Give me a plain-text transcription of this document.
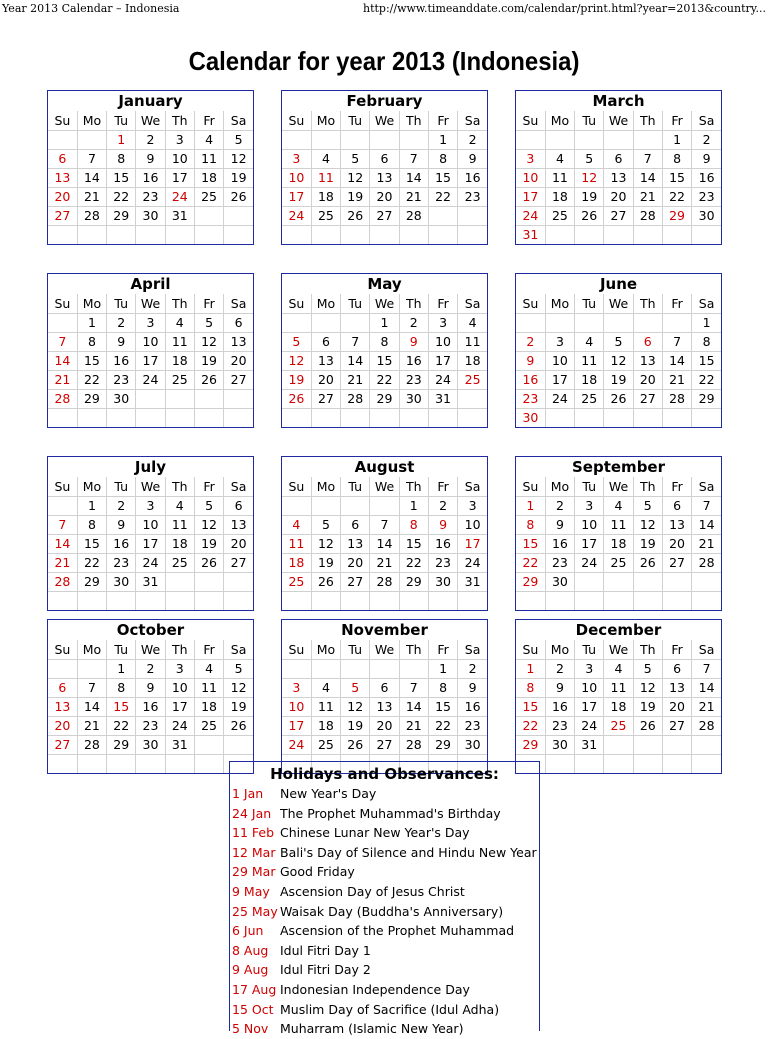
Year 2013 Calendar – Indonesia	http://www.timeanddate.com/calendar/print.html?year=2013&country...
Calendar for year 2013 (Indonesia)
January
Su	Mo	Tu	We	Th	Fr	Sa
		1	2	3	4	5
6	7	8	9	10	11	12
13	14	15	16	17	18	19
20	21	22	23	24	25	26
27	28	29	30	31		

February
Su	Mo	Tu	We	Th	Fr	Sa
					1	2
3	4	5	6	7	8	9
10	11	12	13	14	15	16
17	18	19	20	21	22	23
24	25	26	27	28		

March
Su	Mo	Tu	We	Th	Fr	Sa
					1	2
3	4	5	6	7	8	9
10	11	12	13	14	15	16
17	18	19	20	21	22	23
24	25	26	27	28	29	30
31						
April
Su	Mo	Tu	We	Th	Fr	Sa
	1	2	3	4	5	6
7	8	9	10	11	12	13
14	15	16	17	18	19	20
21	22	23	24	25	26	27
28	29	30				

May
Su	Mo	Tu	We	Th	Fr	Sa
			1	2	3	4
5	6	7	8	9	10	11
12	13	14	15	16	17	18
19	20	21	22	23	24	25
26	27	28	29	30	31	

June
Su	Mo	Tu	We	Th	Fr	Sa
						1
2	3	4	5	6	7	8
9	10	11	12	13	14	15
16	17	18	19	20	21	22
23	24	25	26	27	28	29
30						
July
Su	Mo	Tu	We	Th	Fr	Sa
	1	2	3	4	5	6
7	8	9	10	11	12	13
14	15	16	17	18	19	20
21	22	23	24	25	26	27
28	29	30	31			

August
Su	Mo	Tu	We	Th	Fr	Sa
				1	2	3
4	5	6	7	8	9	10
11	12	13	14	15	16	17
18	19	20	21	22	23	24
25	26	27	28	29	30	31

September
Su	Mo	Tu	We	Th	Fr	Sa
1	2	3	4	5	6	7
8	9	10	11	12	13	14
15	16	17	18	19	20	21
22	23	24	25	26	27	28
29	30					

October
Su	Mo	Tu	We	Th	Fr	Sa
		1	2	3	4	5
6	7	8	9	10	11	12
13	14	15	16	17	18	19
20	21	22	23	24	25	26
27	28	29	30	31		

November
Su	Mo	Tu	We	Th	Fr	Sa
					1	2
3	4	5	6	7	8	9
10	11	12	13	14	15	16
17	18	19	20	21	22	23
24	25	26	27	28	29	30

December
Su	Mo	Tu	We	Th	Fr	Sa
1	2	3	4	5	6	7
8	9	10	11	12	13	14
15	16	17	18	19	20	21
22	23	24	25	26	27	28
29	30	31				

Holidays and Observances:
1 Jan New Year's Day
24 Jan The Prophet Muhammad's Birthday
11 Feb Chinese Lunar New Year's Day
12 Mar Bali's Day of Silence and Hindu New Year
29 Mar Good Friday
9 May Ascension Day of Jesus Christ
25 May Waisak Day (Buddha's Anniversary)
6 Jun Ascension of the Prophet Muhammad
8 Aug Idul Fitri Day 1
9 Aug Idul Fitri Day 2
17 Aug Indonesian Independence Day
15 Oct Muslim Day of Sacrifice (Idul Adha)
5 Nov Muharram (Islamic New Year)
